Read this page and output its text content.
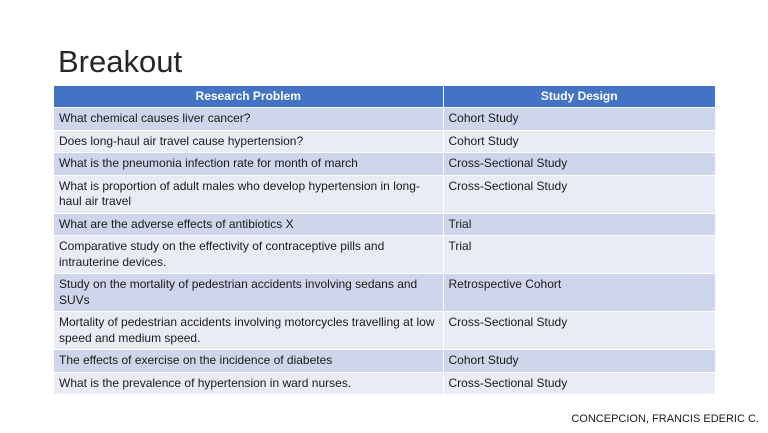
Breakout
Research Problem	Study Design
What chemical causes liver cancer?	Cohort Study
Does long-haul air travel cause hypertension?	Cohort Study
What is the pneumonia infection rate for month of march	Cross-Sectional Study
What is proportion of adult males who develop hypertension in long-haul air travel	Cross-Sectional Study
What are the adverse effects of antibiotics X	Trial
Comparative study on the effectivity of contraceptive pills and intrauterine devices.	Trial
Study on the mortality of pedestrian accidents involving sedans and SUVs	Retrospective Cohort
Mortality of pedestrian accidents involving motorcycles travelling at low speed and medium speed.	Cross-Sectional Study
The effects of exercise on the incidence of diabetes	Cohort Study
What is the prevalence of hypertension in ward nurses.	Cross-Sectional Study
CONCEPCION, FRANCIS EDERIC C.
